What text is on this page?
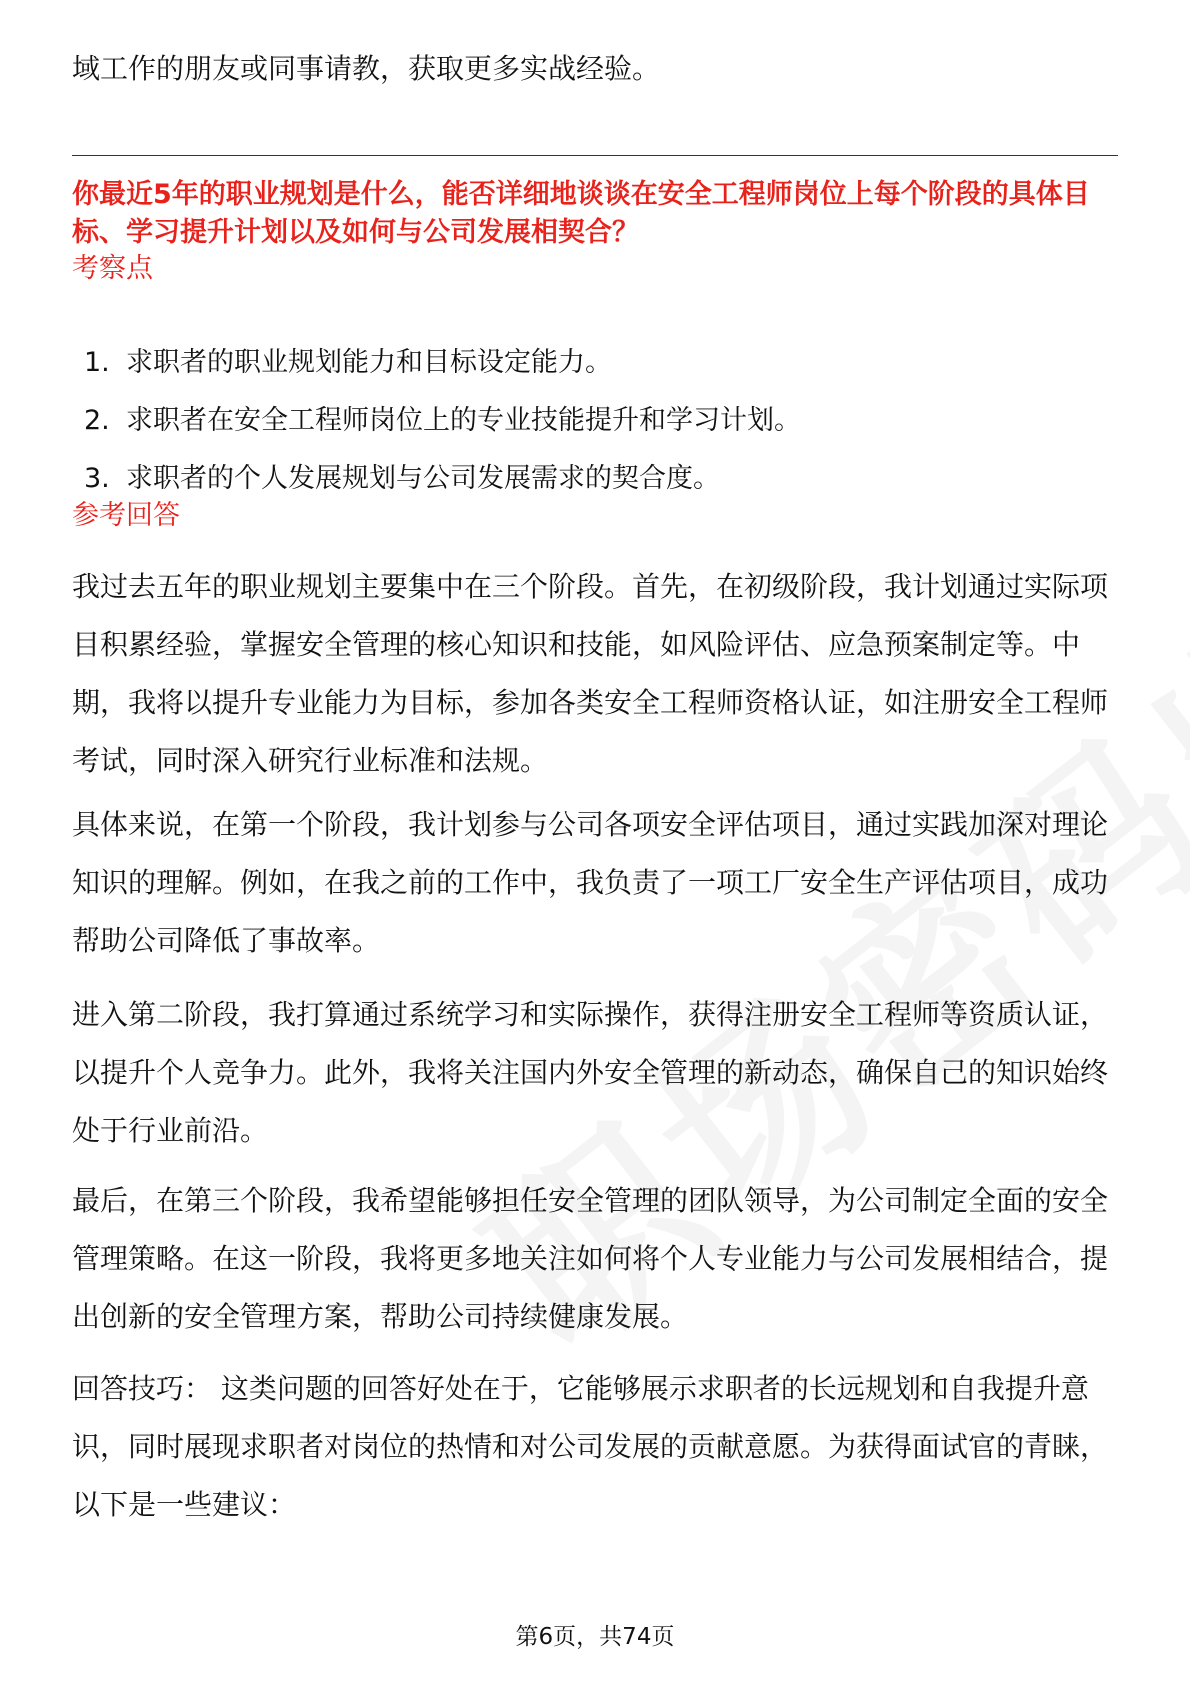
域工作的朋友或同事请教，获取更多实战经验。

你最近5年的职业规划是什么，能否详细地谈谈在安全工程师岗位上每个阶段的具体目标、学习提升计划以及如何与公司发展相契合？

考察点

1. 求职者的职业规划能力和目标设定能力。
2. 求职者在安全工程师岗位上的专业技能提升和学习计划。
3. 求职者的个人发展规划与公司发展需求的契合度。

参考回答

我过去五年的职业规划主要集中在三个阶段。首先，在初级阶段，我计划通过实际项目积累经验，掌握安全管理的核心知识和技能，如风险评估、应急预案制定等。中期，我将以提升专业能力为目标，参加各类安全工程师资格认证，如注册安全工程师考试，同时深入研究行业标准和法规。

具体来说，在第一个阶段，我计划参与公司各项安全评估项目，通过实践加深对理论知识的理解。例如，在我之前的工作中，我负责了一项工厂安全生产评估项目，成功帮助公司降低了事故率。

进入第二阶段，我打算通过系统学习和实际操作，获得注册安全工程师等资质认证，以提升个人竞争力。此外，我将关注国内外安全管理的新动态，确保自己的知识始终处于行业前沿。

最后，在第三个阶段，我希望能够担任安全管理的团队领导，为公司制定全面的安全管理策略。在这一阶段，我将更多地关注如何将个人专业能力与公司发展相结合，提出创新的安全管理方案，帮助公司持续健康发展。

回答技巧： 这类问题的回答好处在于，它能够展示求职者的长远规划和自我提升意识，同时展现求职者对岗位的热情和对公司发展的贡献意愿。为获得面试官的青睐，以下是一些建议：

第6页，共74页
